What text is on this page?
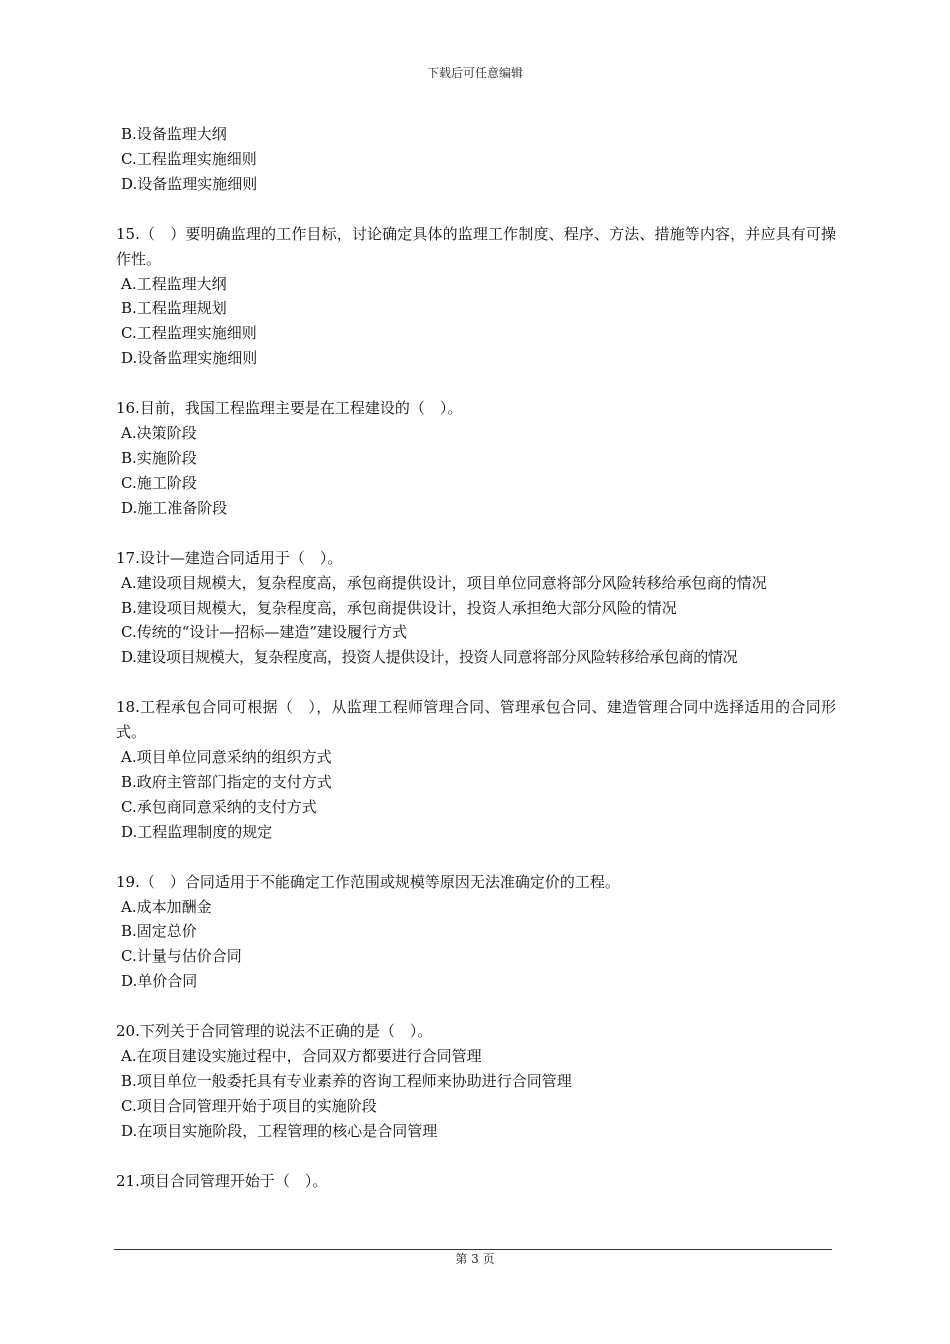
下载后可任意编辑
B.设备监理大纲
C.工程监理实施细则
D.设备监理实施细则
15.（　）要明确监理的工作目标，讨论确定具体的监理工作制度、程序、方法、措施等内容，并应具有可操作性。
A.工程监理大纲
B.工程监理规划
C.工程监理实施细则
D.设备监理实施细则
16.目前，我国工程监理主要是在工程建设的（　）。
A.决策阶段
B.实施阶段
C.施工阶段
D.施工准备阶段
17.设计—建造合同适用于（　）。
A.建设项目规模大，复杂程度高，承包商提供设计，项目单位同意将部分风险转移给承包商的情况
B.建设项目规模大，复杂程度高，承包商提供设计，投资人承担绝大部分风险的情况
C.传统的“设计—招标—建造”建设履行方式
D.建设项目规模大，复杂程度高，投资人提供设计，投资人同意将部分风险转移给承包商的情况
18.工程承包合同可根据（　），从监理工程师管理合同、管理承包合同、建造管理合同中选择适用的合同形式。
A.项目单位同意采纳的组织方式
B.政府主管部门指定的支付方式
C.承包商同意采纳的支付方式
D.工程监理制度的规定
19.（　）合同适用于不能确定工作范围或规模等原因无法准确定价的工程。
A.成本加酬金
B.固定总价
C.计量与估价合同
D.单价合同
20.下列关于合同管理的说法不正确的是（　）。
A.在项目建设实施过程中，合同双方都要进行合同管理
B.项目单位一般委托具有专业素养的咨询工程师来协助进行合同管理
C.项目合同管理开始于项目的实施阶段
D.在项目实施阶段，工程管理的核心是合同管理
21.项目合同管理开始于（　）。
第 3 页
